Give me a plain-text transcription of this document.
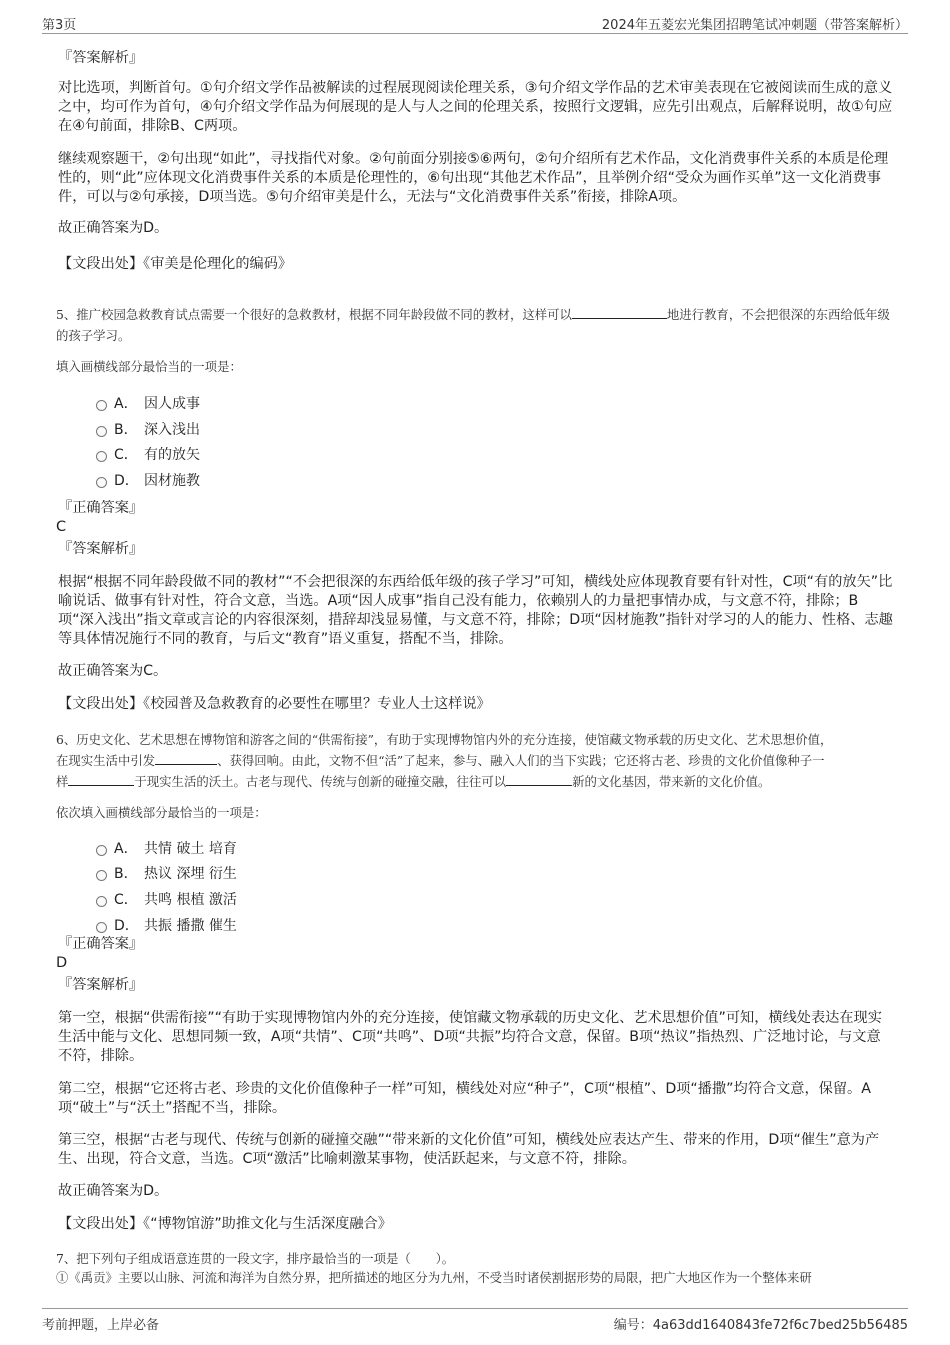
第3页	2024年五菱宏光集团招聘笔试冲刺题（带答案解析）
『答案解析』
对比选项，判断首句。①句介绍文学作品被解读的过程展现阅读伦理关系，③句介绍文学作品的艺术审美表现在它被阅读而生成的意义之中，均可作为首句，④句介绍文学作品为何展现的是人与人之间的伦理关系，按照行文逻辑，应先引出观点，后解释说明，故①句应在④句前面，排除B、C两项。
继续观察题干，②句出现“如此”，寻找指代对象。②句前面分别接⑤⑥两句，②句介绍所有艺术作品，文化消费事件关系的本质是伦理性的，则“此”应体现文化消费事件关系的本质是伦理性的，⑥句出现“其他艺术作品”，且举例介绍“受众为画作买单”这一文化消费事件，可以与②句承接，D项当选。⑤句介绍审美是什么，无法与“文化消费事件关系”衔接，排除A项。
故正确答案为D。
【文段出处】《审美是伦理化的编码》
5、推广校园急救教育试点需要一个很好的急救教材，根据不同年龄段做不同的教材，这样可以	地进行教育，不会把很深的东西给低年级的孩子学习。
填入画横线部分最恰当的一项是：
A． 因人成事
B． 深入浅出
C． 有的放矢
D． 因材施教
『正确答案』
C
『答案解析』
根据“根据不同年龄段做不同的教材”“不会把很深的东西给低年级的孩子学习”可知，横线处应体现教育要有针对性，C项“有的放矢”比喻说话、做事有针对性，符合文意，当选。A项“因人成事”指自己没有能力，依赖别人的力量把事情办成，与文意不符，排除；B项“深入浅出”指文章或言论的内容很深刻，措辞却浅显易懂，与文意不符，排除；D项“因材施教”指针对学习的人的能力、性格、志趣等具体情况施行不同的教育，与后文“教育”语义重复，搭配不当，排除。
故正确答案为C。
【文段出处】《校园普及急救教育的必要性在哪里？专业人士这样说》
6、历史文化、艺术思想在博物馆和游客之间的“供需衔接”，有助于实现博物馆内外的充分连接，使馆藏文物承载的历史文化、艺术思想价值，
在现实生活中引发	、获得回响。由此，文物不但“活”了起来，参与、融入人们的当下实践；它还将古老、珍贵的文化价值像种子一
样	于现实生活的沃土。古老与现代、传统与创新的碰撞交融，往往可以	新的文化基因，带来新的文化价值。
依次填入画横线部分最恰当的一项是：
A． 共情 破土 培育
B． 热议 深埋 衍生
C． 共鸣 根植 激活
D． 共振 播撒 催生
『正确答案』
D
『答案解析』
第一空，根据“供需衔接”“有助于实现博物馆内外的充分连接，使馆藏文物承载的历史文化、艺术思想价值”可知，横线处表达在现实生活中能与文化、思想同频一致，A项“共情”、C项“共鸣”、D项“共振”均符合文意，保留。B项“热议”指热烈、广泛地讨论，与文意不符，排除。
第二空，根据“它还将古老、珍贵的文化价值像种子一样”可知，横线处对应“种子”，C项“根植”、D项“播撒”均符合文意，保留。A项“破土”与“沃土”搭配不当，排除。
第三空，根据“古老与现代、传统与创新的碰撞交融”“带来新的文化价值”可知，横线处应表达产生、带来的作用，D项“催生”意为产生、出现，符合文意，当选。C项“激活”比喻刺激某事物，使活跃起来，与文意不符，排除。
故正确答案为D。
【文段出处】《“博物馆游”助推文化与生活深度融合》
7、把下列句子组成语意连贯的一段文字，排序最恰当的一项是（　　）。
①《禹贡》主要以山脉、河流和海洋为自然分界，把所描述的地区分为九州，不受当时诸侯割据形势的局限，把广大地区作为一个整体来研
考前押题，上岸必备	编号：4a63dd1640843fe72f6c7bed25b56485
